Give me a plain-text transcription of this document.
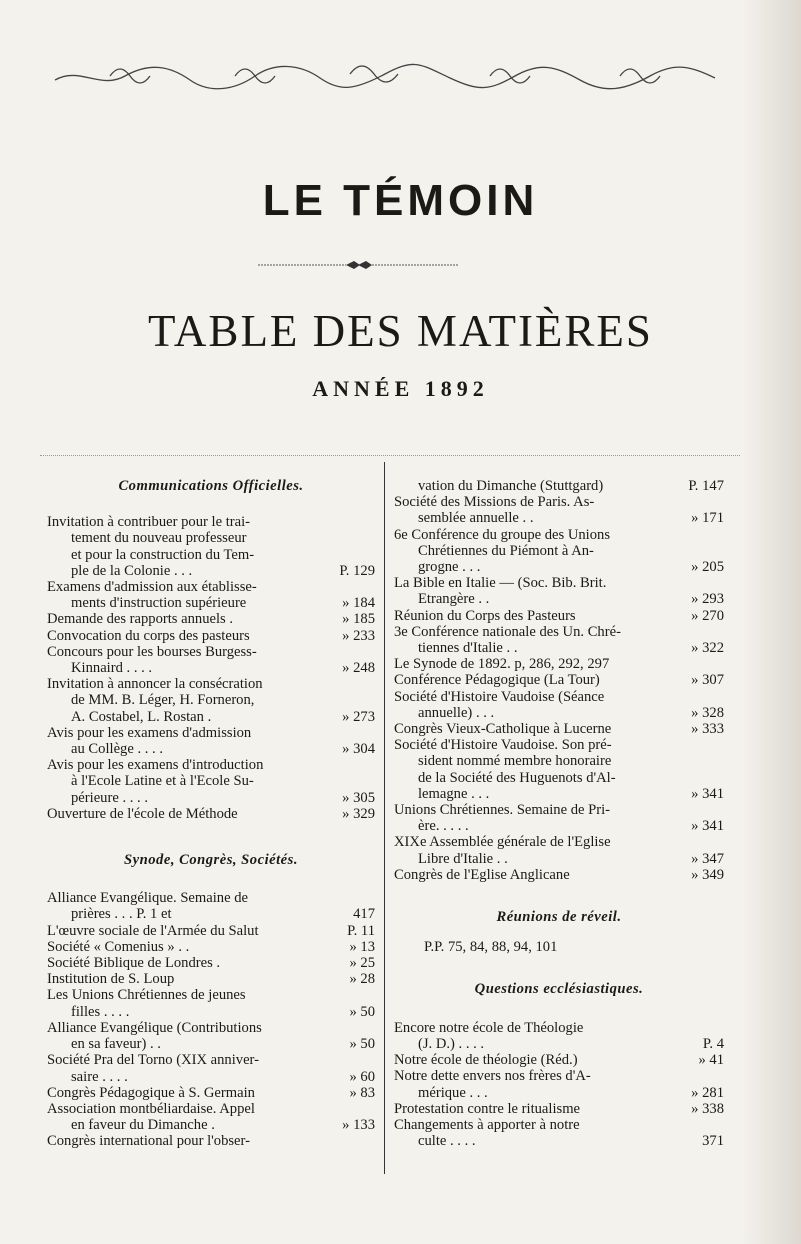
LE TÉMOIN
TABLE DES MATIÈRES
ANNÉE 1892
Communications Officielles.
Invitation à contribuer pour le trai-
tement du nouveau professeur
et pour la construction du Tem-
ple de la Colonie . . .	P. 129
Examens d'admission aux établisse-
ments d'instruction supérieure	» 184
Demande des rapports annuels .	» 185
Convocation du corps des pasteurs	» 233
Concours pour les bourses Burgess-
Kinnaird . . . .	» 248
Invitation à annoncer la consécration
de MM. B. Léger, H. Forneron,
A. Costabel, L. Rostan .	» 273
Avis pour les examens d'admission
au Collège . . . .	» 304
Avis pour les examens d'introduction
à l'Ecole Latine et à l'Ecole Su-
périeure . . . .	» 305
Ouverture de l'école de Méthode	» 329
Synode, Congrès, Sociétés.
Alliance Evangélique. Semaine de
prières . . . P. 1 et	417
L'œuvre sociale de l'Armée du Salut	P. 11
Société « Comenius » . .	» 13
Société Biblique de Londres .	» 25
Institution de S. Loup	» 28
Les Unions Chrétiennes de jeunes
filles . . . .	» 50
Alliance Evangélique (Contributions
en sa faveur) . .	» 50
Société Pra del Torno (XIX anniver-
saire . . . .	» 60
Congrès Pédagogique à S. Germain	» 83
Association montbéliardaise. Appel
en faveur du Dimanche .	» 133
Congrès international pour l'obser-
vation du Dimanche (Stuttgard)	P. 147
Société des Missions de Paris. As-
semblée annuelle . .	» 171
6e Conférence du groupe des Unions
Chrétiennes du Piémont à An-
grogne . . .	» 205
La Bible en Italie — (Soc. Bib. Brit.
Etrangère . .	» 293
Réunion du Corps des Pasteurs	» 270
3e Conférence nationale des Un. Chré-
tiennes d'Italie . .	» 322
Le Synode de 1892. p, 286, 292, 297
Conférence Pédagogique (La Tour)	» 307
Société d'Histoire Vaudoise (Séance
annuelle) . . .	» 328
Congrès Vieux-Catholique à Lucerne	» 333
Société d'Histoire Vaudoise. Son pré-
sident nommé membre honoraire
de la Société des Huguenots d'Al-
lemagne . . .	» 341
Unions Chrétiennes. Semaine de Pri-
ère. . . . .	» 341
XIXe Assemblée générale de l'Eglise
Libre d'Italie . .	» 347
Congrès de l'Eglise Anglicane	» 349
Réunions de réveil.
P.P. 75, 84, 88, 94, 101
Questions ecclésiastiques.
Encore notre école de Théologie
(J. D.) . . . .	P. 4
Notre école de théologie (Réd.)	» 41
Notre dette envers nos frères d'A-
mérique . . .	» 281
Protestation contre le ritualisme	» 338
Changements à apporter à notre
culte . . . .	371
